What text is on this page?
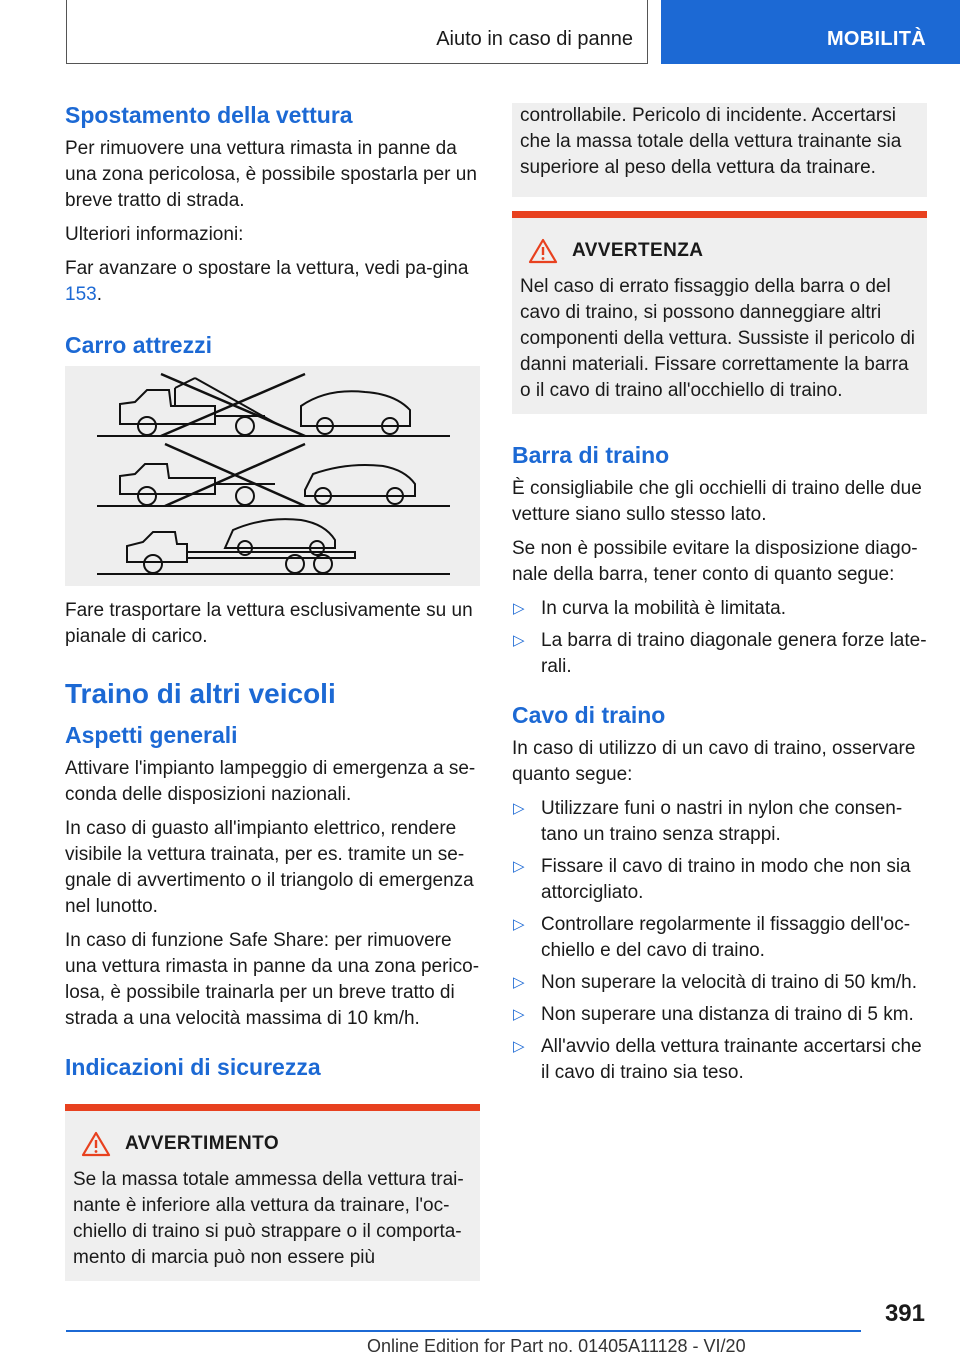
Aiuto in caso di panne	MOBILITÀ
Spostamento della vettura

Per rimuovere una vettura rimasta in panne da una zona pericolosa, è possibile spostarla per un breve tratto di strada.

Ulteriori informazioni:

Far avanzare o spostare la vettura, vedi pa-gina 153.

Carro attrezzi

Fare trasportare la vettura esclusivamente su un pianale di carico.

Traino di altri veicoli
Aspetti generali

Attivare l'impianto lampeggio di emergenza a se-conda delle disposizioni nazionali.

In caso di guasto all'impianto elettrico, rendere visibile la vettura trainata, per es. tramite un se-gnale di avvertimento o il triangolo di emergenza nel lunotto.

In caso di funzione Safe Share: per rimuovere una vettura rimasta in panne da una zona perico-losa, è possibile trainarla per un breve tratto di strada a una velocità massima di 10 km/h.

Indicazioni di sicurezza
AVVERTIMENTO

Se la massa totale ammessa della vettura trai-nante è inferiore alla vettura da trainare, l'oc-chiello di traino si può strappare o il comporta-mento di marcia può non essere più

controllabile. Pericolo di incidente. Accertarsi che la massa totale della vettura trainante sia superiore al peso della vettura da trainare.

AVVERTENZA

Nel caso di errato fissaggio della barra o del cavo di traino, si possono danneggiare altri componenti della vettura. Sussiste il pericolo di danni materiali. Fissare correttamente la barra o il cavo di traino all'occhiello di traino.

Barra di traino

È consigliabile che gli occhielli di traino delle due vetture siano sullo stesso lato.

Se non è possibile evitare la disposizione diago-nale della barra, tener conto di quanto segue:

▷ In curva la mobilità è limitata.
▷ La barra di traino diagonale genera forze late-rali.
Cavo di traino

In caso di utilizzo di un cavo di traino, osservare quanto segue:

▷ Utilizzare funi o nastri in nylon che consen-tano un traino senza strappi.
▷ Fissare il cavo di traino in modo che non sia attorcigliato.
▷ Controllare regolarmente il fissaggio dell'oc-chiello e del cavo di traino.
▷ Non superare la velocità di traino di 50 km/h.
▷ Non superare una distanza di traino di 5 km.
▷ All'avvio della vettura trainante accertarsi che il cavo di traino sia teso.
391
Online Edition for Part no. 01405A11128 - VI/20
